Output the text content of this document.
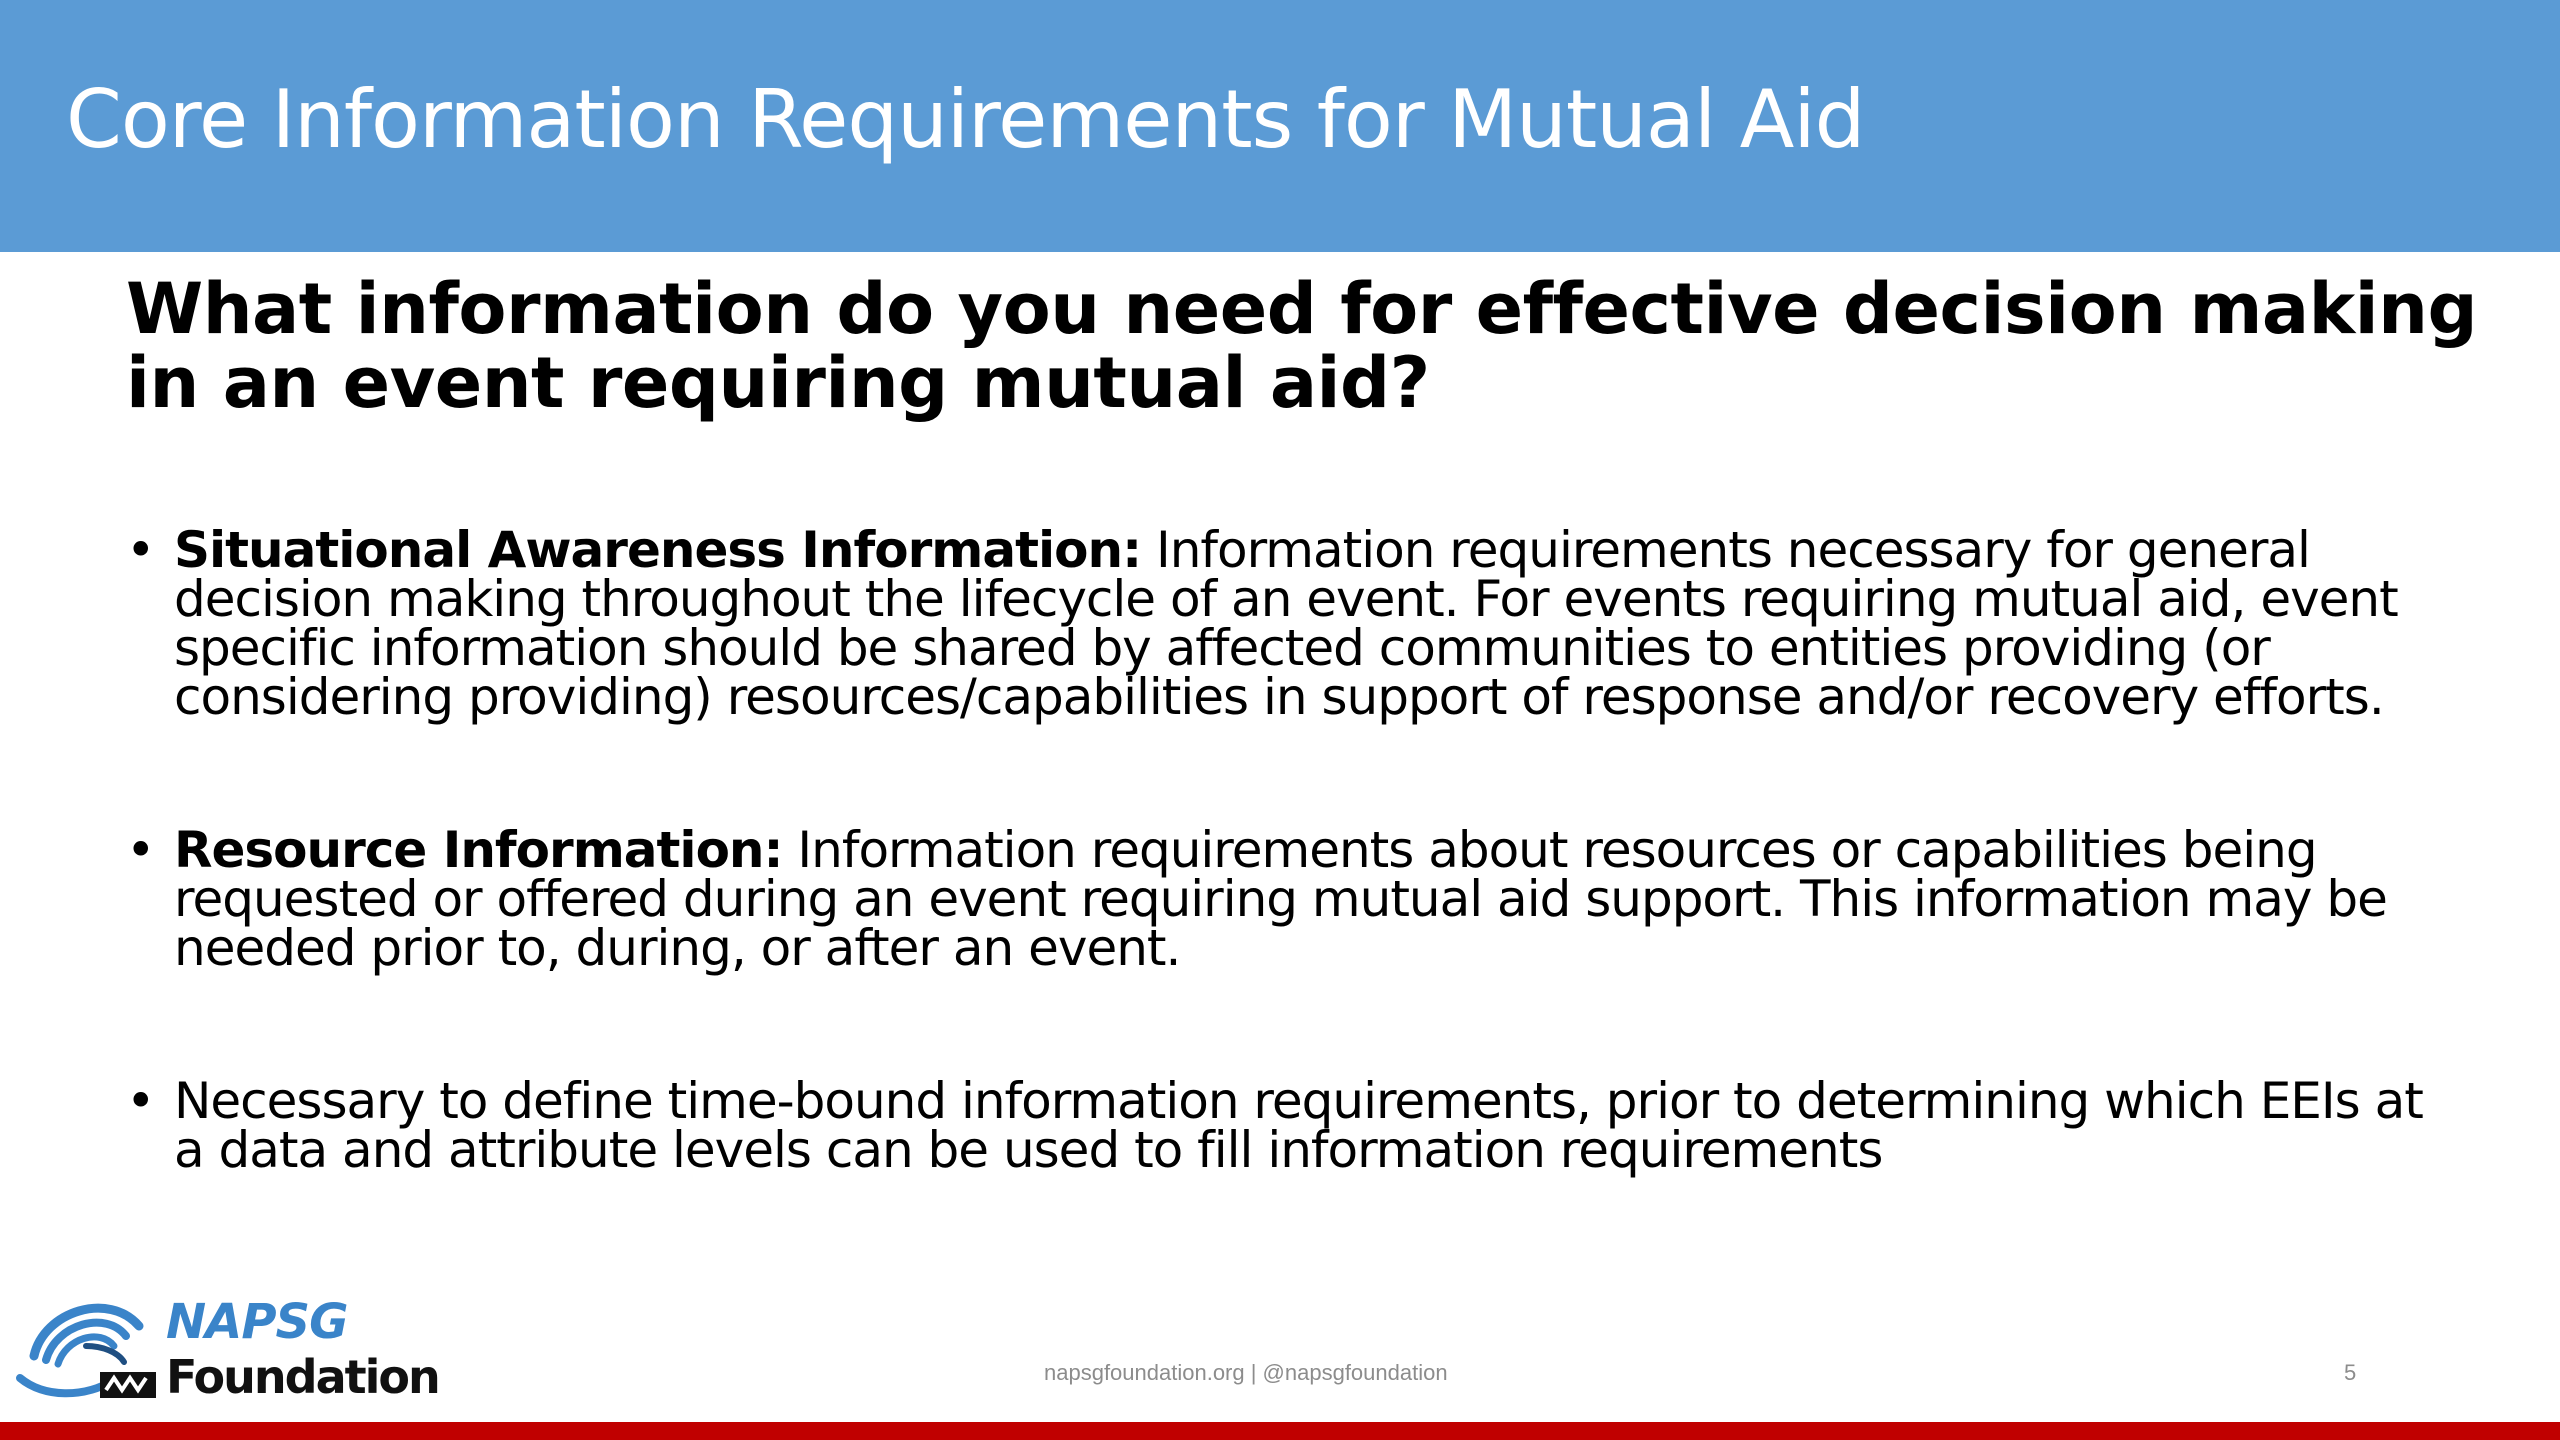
Core Information Requirements for Mutual Aid
What information do you need for effective decision making in an event requiring mutual aid?
• Situational Awareness Information: Information requirements necessary for general decision making throughout the lifecycle of an event. For events requiring mutual aid, event specific information should be shared by affected communities to entities providing (or considering providing) resources/capabilities in support of response and/or recovery efforts.
• Resource Information: Information requirements about resources or capabilities being requested or offered during an event requiring mutual aid support. This information may be needed prior to, during, or after an event.
• Necessary to define time-bound information requirements, prior to determining which EEIs at a data and attribute levels can be used to fill information requirements
NAPSG
Foundation	napsgfoundation.org | @napsgfoundation	5
